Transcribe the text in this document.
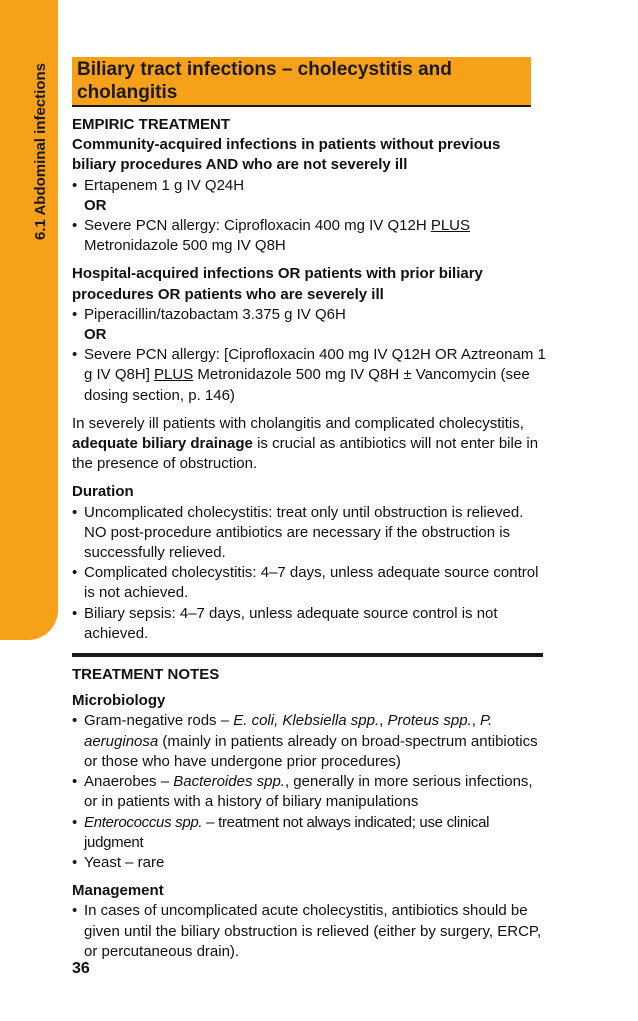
6.1 Abdominal infections Biliary tract infections – cholecystitis and cholangitis

EMPIRIC TREATMENT

Community-acquired infections in patients without previous biliary procedures AND who are not severely ill

• Ertapenem 1 g IV Q24H

OR

• Severe PCN allergy: Ciprofloxacin 400 mg IV Q12H PLUS Metronidazole 500 mg IV Q8H

Hospital-acquired infections OR patients with prior biliary procedures OR patients who are severely ill

• Piperacillin/tazobactam 3.375 g IV Q6H

OR

• Severe PCN allergy: [Ciprofloxacin 400 mg IV Q12H OR Aztreonam 1 g IV Q8H] PLUS Metronidazole 500 mg IV Q8H ± Vancomycin (see dosing section, p. 146)

In severely ill patients with cholangitis and complicated cholecystitis, adequate biliary drainage is crucial as antibiotics will not enter bile in the presence of obstruction.

Duration

• Uncomplicated cholecystitis: treat only until obstruction is relieved. NO post-procedure antibiotics are necessary if the obstruction is successfully relieved.

• Complicated cholecystitis: 4–7 days, unless adequate source control is not achieved.

• Biliary sepsis: 4–7 days, unless adequate source control is not achieved.

TREATMENT NOTES

Microbiology

• Gram-negative rods – E. coli, Klebsiella spp., Proteus spp., P. aeruginosa (mainly in patients already on broad-spectrum antibiotics or those who have undergone prior procedures)

• Anaerobes – Bacteroides spp., generally in more serious infections, or in patients with a history of biliary manipulations

• Enterococcus spp. – treatment not always indicated; use clinical judgment

• Yeast – rare

Management

• In cases of uncomplicated acute cholecystitis, antibiotics should be given until the biliary obstruction is relieved (either by surgery, ERCP, or percutaneous drain).

36
